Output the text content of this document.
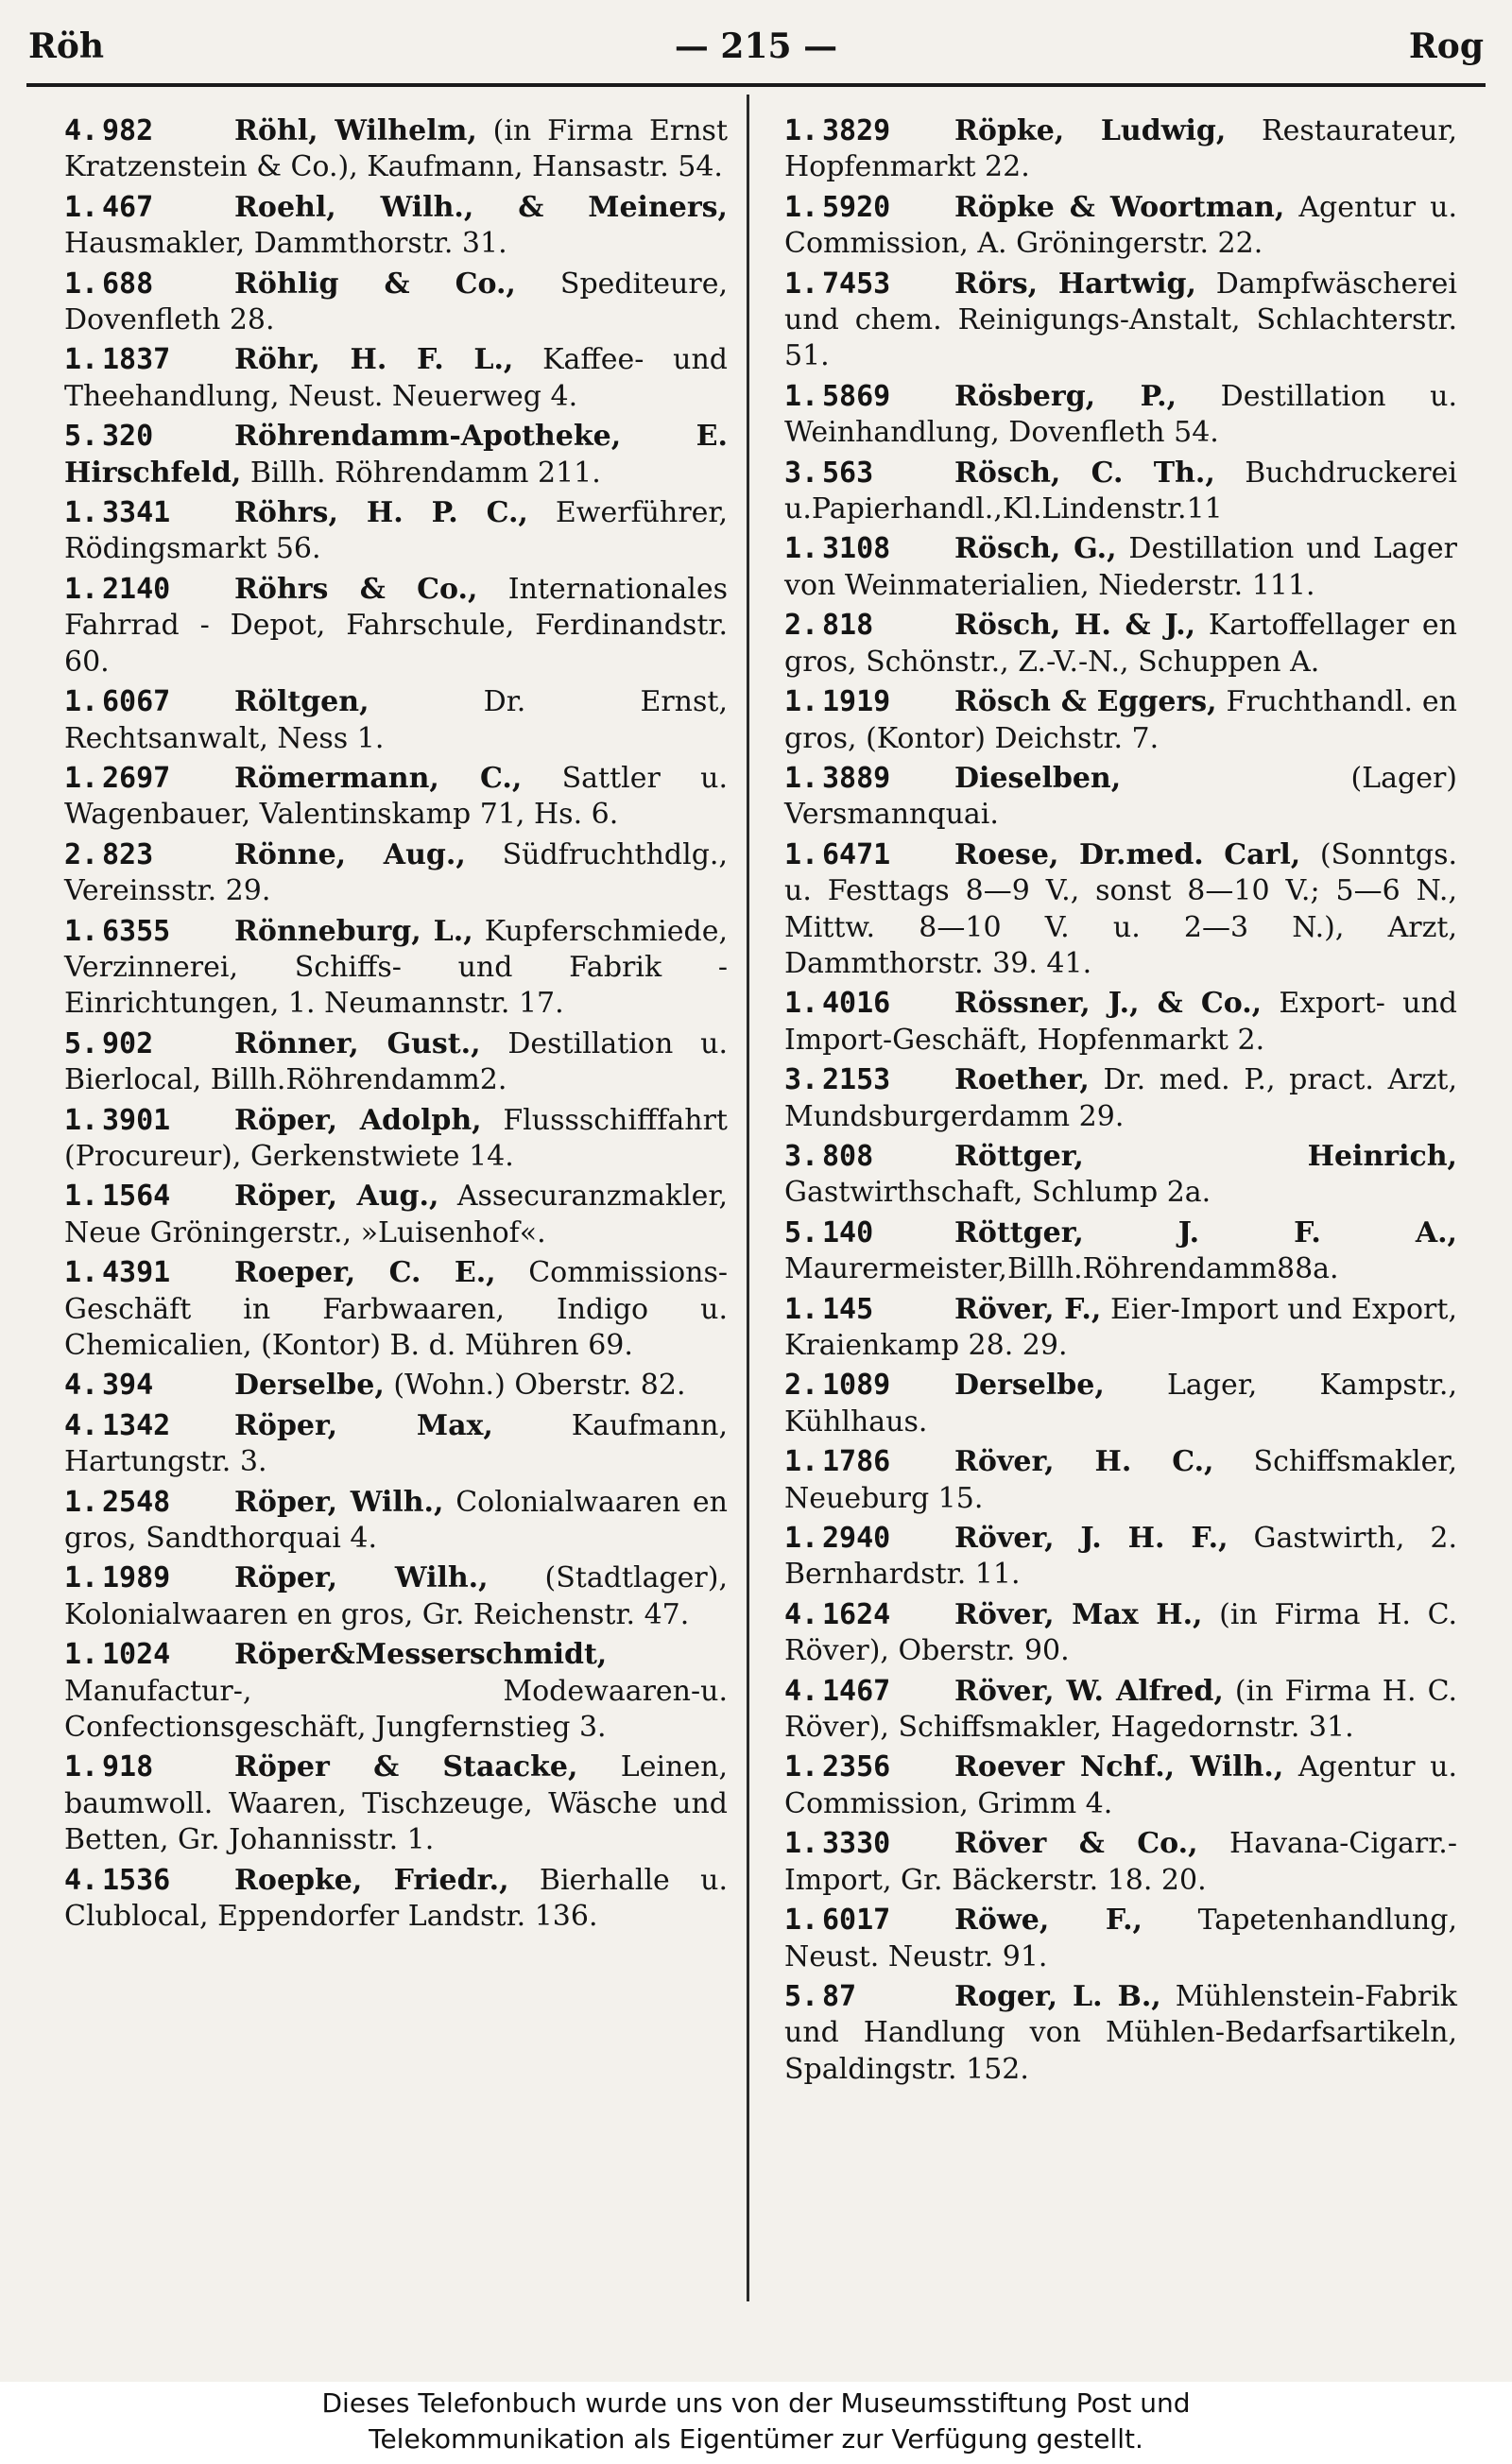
Röh	— 215 —	Rog
4. 982	Röhl, Wilhelm, (in Firma Ernst Kratzenstein & Co.), Kaufmann, Hansastr. 54.
1. 467	Roehl, Wilh., & Meiners, Hausmakler, Dammthorstr. 31.
1. 688	Röhlig & Co., Spediteure, Dovenfleth 28.
1. 1837 Röhr, H. F. L., Kaffee- und Theehandlung, Neust. Neuerweg 4.
5. 320	Röhrendamm-Apotheke, E. Hirschfeld, Billh. Röhrendamm 211.
1. 3341 Röhrs, H. P. C., Ewerführer, Rödingsmarkt 56.
1. 2140 Röhrs & Co., Internationales Fahrrad - Depot, Fahrschule, Ferdinandstr. 60.
1. 6067 Röltgen, Dr. Ernst, Rechtsanwalt, Ness 1.
1. 2697 Römermann, C., Sattler u. Wagenbauer, Valentinskamp 71, Hs. 6.
2. 823	Rönne, Aug., Südfruchthdlg., Vereinsstr. 29.
1. 6355 Rönneburg, L., Kupferschmiede, Verzinnerei, Schiffs- und Fabrik - Einrichtungen, 1. Neumannstr. 17.
5. 902	Rönner, Gust., Destillation u. Bierlocal, Billh.Röhrendamm2.
1. 3901 Röper, Adolph, Flussschifffahrt (Procureur), Gerkenstwiete 14.
1. 1564 Röper, Aug., Assecuranzmakler, Neue Gröningerstr., »Luisenhof«.
1. 4391 Roeper, C. E., Commissions-Geschäft in Farbwaaren, Indigo u. Chemicalien, (Kontor) B. d. Mühren 69.
4. 394	Derselbe, (Wohn.) Oberstr. 82.
4. 1342 Röper, Max, Kaufmann, Hartungstr. 3.
1. 2548 Röper, Wilh., Colonialwaaren en gros, Sandthorquai 4.
1. 1989 Röper, Wilh., (Stadtlager), Kolonialwaaren en gros, Gr. Reichenstr. 47.
1. 1024 Röper&Messerschmidt, Manufactur-, Modewaaren-u. Confectionsgeschäft, Jungfernstieg 3.
1. 918	Röper & Staacke, Leinen, baumwoll. Waaren, Tischzeuge, Wäsche und Betten, Gr. Johannisstr. 1.
4. 1536 Roepke, Friedr., Bierhalle u. Clublocal, Eppendorfer Landstr. 136.
1. 3829 Röpke, Ludwig, Restaurateur, Hopfenmarkt 22.
1. 5920 Röpke & Woortman, Agentur u. Commission, A. Gröningerstr. 22.
1. 7453 Rörs, Hartwig, Dampfwäscherei und chem. Reinigungs-Anstalt, Schlachterstr. 51.
1. 5869 Rösberg, P., Destillation u. Weinhandlung, Dovenfleth 54.
3. 563	Rösch, C. Th., Buchdruckerei u.Papierhandl.,Kl.Lindenstr.11
1. 3108 Rösch, G., Destillation und Lager von Weinmaterialien, Niederstr. 111.
2. 818	Rösch, H. & J., Kartoffellager en gros, Schönstr., Z.-V.-N., Schuppen A.
1. 1919 Rösch & Eggers, Fruchthandl. en gros, (Kontor) Deichstr. 7.
1. 3889 Dieselben, (Lager) Versmannquai.
1. 6471 Roese, Dr.med. Carl, (Sonntgs. u. Festtags 8—9 V., sonst 8—10 V.; 5—6 N., Mittw. 8—10 V. u. 2—3 N.), Arzt, Dammthorstr. 39. 41.
1. 4016 Rössner, J., & Co., Export- und Import-Geschäft, Hopfenmarkt 2.
3. 2153 Roether, Dr. med. P., pract. Arzt, Mundsburgerdamm 29.
3. 808	Röttger, Heinrich, Gastwirthschaft, Schlump 2a.
5. 140	Röttger, J. F. A., Maurermeister,Billh.Röhrendamm88a.
1. 145	Röver, F., Eier-Import und Export, Kraienkamp 28. 29.
2. 1089 Derselbe, Lager, Kampstr., Kühlhaus.
1. 1786 Röver, H. C., Schiffsmakler, Neueburg 15.
1. 2940 Röver, J. H. F., Gastwirth, 2. Bernhardstr. 11.
4. 1624 Röver, Max H., (in Firma H. C. Röver), Oberstr. 90.
4. 1467 Röver, W. Alfred, (in Firma H. C. Röver), Schiffsmakler, Hagedornstr. 31.
1. 2356 Roever Nchf., Wilh., Agentur u. Commission, Grimm 4.
1. 3330 Röver & Co., Havana-Cigarr.-Import, Gr. Bäckerstr. 18. 20.
1. 6017 Röwe, F., Tapetenhandlung, Neust. Neustr. 91.
5. 87	Roger, L. B., Mühlenstein-Fabrik und Handlung von Mühlen-Bedarfsartikeln, Spaldingstr. 152.
Dieses Telefonbuch wurde uns von der Museumsstiftung Post und
Telekommunikation als Eigentümer zur Verfügung gestellt.
